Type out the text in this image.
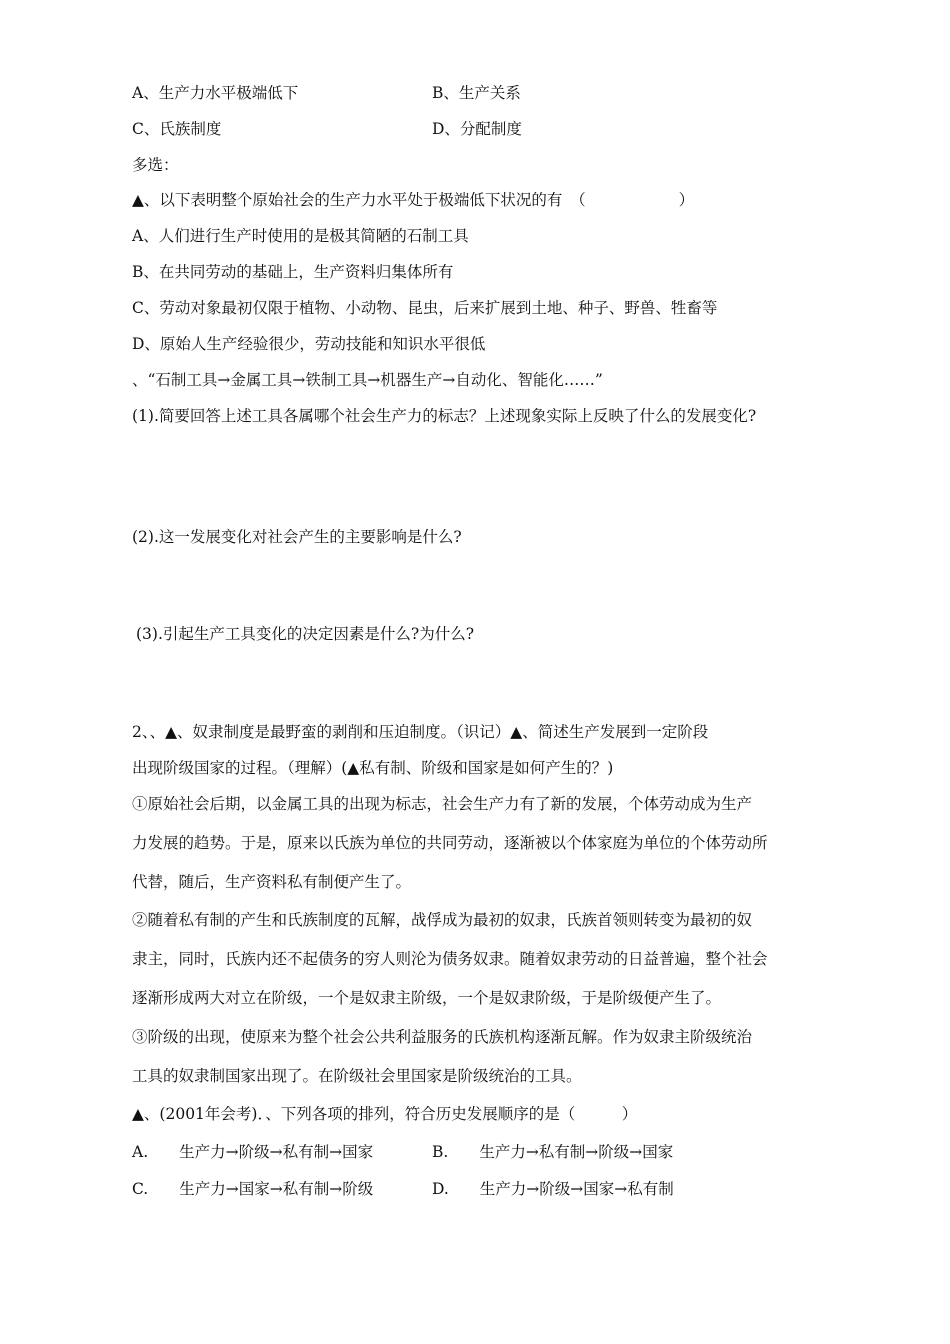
A、生产力水平极端低下	B、生产关系
C、氏族制度	D、分配制度
多选：
▲、以下表明整个原始社会的生产力水平处于极端低下状况的有　（　　　　　　）
A、人们进行生产时使用的是极其简陋的石制工具
B、在共同劳动的基础上，生产资料归集体所有
C、劳动对象最初仅限于植物、小动物、昆虫，后来扩展到土地、种子、野兽、牲畜等
D、原始人生产经验很少，劳动技能和知识水平很低
、“石制工具→金属工具→铁制工具→机器生产→自动化、智能化……”
(1).简要回答上述工具各属哪个社会生产力的标志？上述现象实际上反映了什么的发展变化?
(2).这一发展变化对社会产生的主要影响是什么?
(3).引起生产工具变化的决定因素是什么?为什么?
2、、▲、奴隶制度是最野蛮的剥削和压迫制度。（识记）▲、简述生产发展到一定阶段
出现阶级国家的过程。（理解）(▲私有制、阶级和国家是如何产生的？)
①原始社会后期，以金属工具的出现为标志，社会生产力有了新的发展，个体劳动成为生产
力发展的趋势。于是，原来以氏族为单位的共同劳动，逐渐被以个体家庭为单位的个体劳动所
代替，随后，生产资料私有制便产生了。
②随着私有制的产生和氏族制度的瓦解，战俘成为最初的奴隶，氏族首领则转变为最初的奴
隶主，同时，氏族内还不起债务的穷人则沦为债务奴隶。随着奴隶劳动的日益普遍，整个社会
逐渐形成两大对立在阶级，一个是奴隶主阶级，一个是奴隶阶级，于是阶级便产生了。
③阶级的出现，使原来为整个社会公共利益服务的氏族机构逐渐瓦解。作为奴隶主阶级统治
工具的奴隶制国家出现了。在阶级社会里国家是阶级统治的工具。
▲、(2001年会考)．、下列各项的排列，符合历史发展顺序的是（　　　）
A.　　生产力→阶级→私有制→国家	B.　　生产力→私有制→阶级→国家
C.　　生产力→国家→私有制→阶级	D.　　生产力→阶级→国家→私有制
